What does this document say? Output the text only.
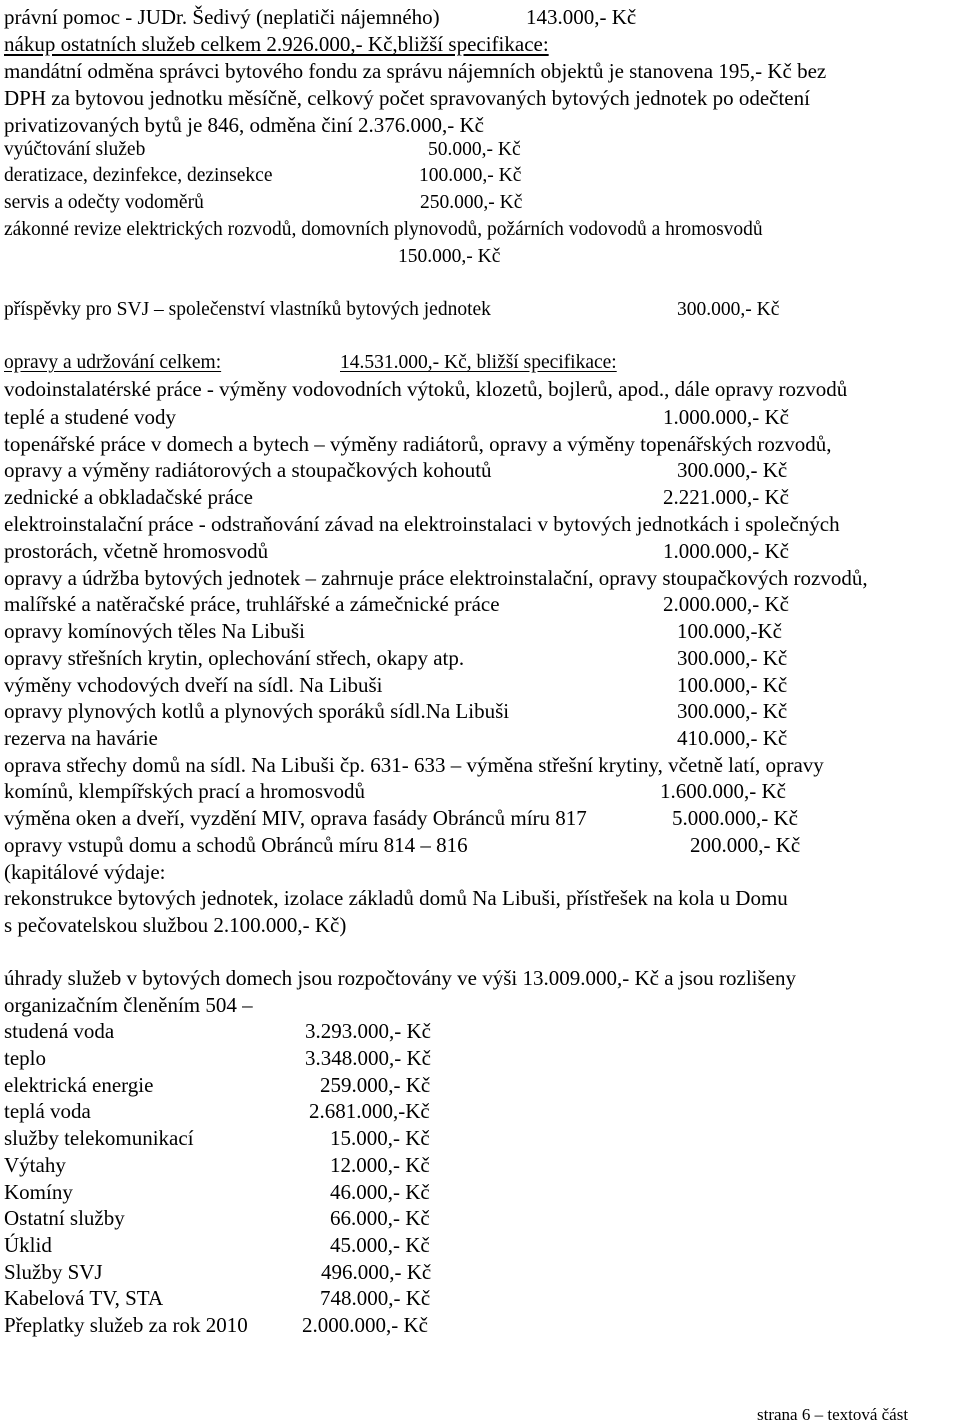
právní pomoc - JUDr. Šedivý (neplatiči nájemného)	143.000,- Kč
nákup ostatních služeb celkem 2.926.000,- Kč,bližší specifikace:
mandátní odměna správci bytového fondu za správu nájemních objektů je stanovena 195,- Kč bez
DPH za bytovou jednotku měsíčně, celkový počet spravovaných bytových jednotek po odečtení
privatizovaných bytů je 846, odměna činí 2.376.000,- Kč
vyúčtování služeb	50.000,- Kč
deratizace, dezinfekce, dezinsekce	100.000,- Kč
servis a odečty vodoměrů	250.000,- Kč
zákonné revize elektrických rozvodů, domovních plynovodů, požárních vodovodů a hromosvodů
150.000,- Kč
příspěvky pro SVJ – společenství vlastníků bytových jednotek	300.000,- Kč
opravy a udržování celkem:	14.531.000,- Kč, bližší specifikace:
vodoinstalatérské práce - výměny vodovodních výtoků, klozetů, bojlerů, apod., dále opravy rozvodů
teplé a studené vody	1.000.000,- Kč
topenářské práce v domech a bytech – výměny radiátorů, opravy a výměny topenářských rozvodů,
opravy a výměny radiátorových a stoupačkových kohoutů	300.000,- Kč
zednické a obkladačské práce	2.221.000,- Kč
elektroinstalační práce - odstraňování závad na elektroinstalaci v bytových jednotkách i společných
prostorách, včetně hromosvodů	1.000.000,- Kč
opravy a údržba bytových jednotek – zahrnuje práce elektroinstalační, opravy stoupačkových rozvodů,
malířské a natěračské práce, truhlářské a zámečnické práce	2.000.000,- Kč
opravy komínových těles Na Libuši	100.000,-Kč
opravy střešních krytin, oplechování střech, okapy atp.	300.000,- Kč
výměny vchodových dveří na sídl. Na Libuši	100.000,- Kč
opravy plynových kotlů a plynových sporáků sídl.Na Libuši	300.000,- Kč
rezerva na havárie	410.000,- Kč
oprava střechy domů na sídl. Na Libuši čp. 631- 633 – výměna střešní krytiny, včetně latí, opravy
komínů, klempířských prací a hromosvodů	1.600.000,- Kč
výměna oken a dveří, vyzdění MIV, oprava fasády Obránců míru 817	5.000.000,- Kč
opravy vstupů domu a schodů Obránců míru 814 – 816	200.000,- Kč
(kapitálové výdaje:
rekonstrukce bytových jednotek, izolace základů domů Na Libuši, přístřešek na kola u Domu
s pečovatelskou službou 2.100.000,- Kč)
úhrady služeb v bytových domech jsou rozpočtovány ve výši 13.009.000,- Kč a jsou rozlišeny
organizačním členěním 504 –
studená voda	3.293.000,- Kč
teplo	3.348.000,- Kč
elektrická energie	259.000,- Kč
teplá voda	2.681.000,-Kč
služby telekomunikací	15.000,- Kč
Výtahy	12.000,- Kč
Komíny	46.000,- Kč
Ostatní služby	66.000,- Kč
Úklid	45.000,- Kč
Služby SVJ	496.000,- Kč
Kabelová TV, STA	748.000,- Kč
Přeplatky služeb za rok 2010	2.000.000,- Kč
strana 6 – textová část
